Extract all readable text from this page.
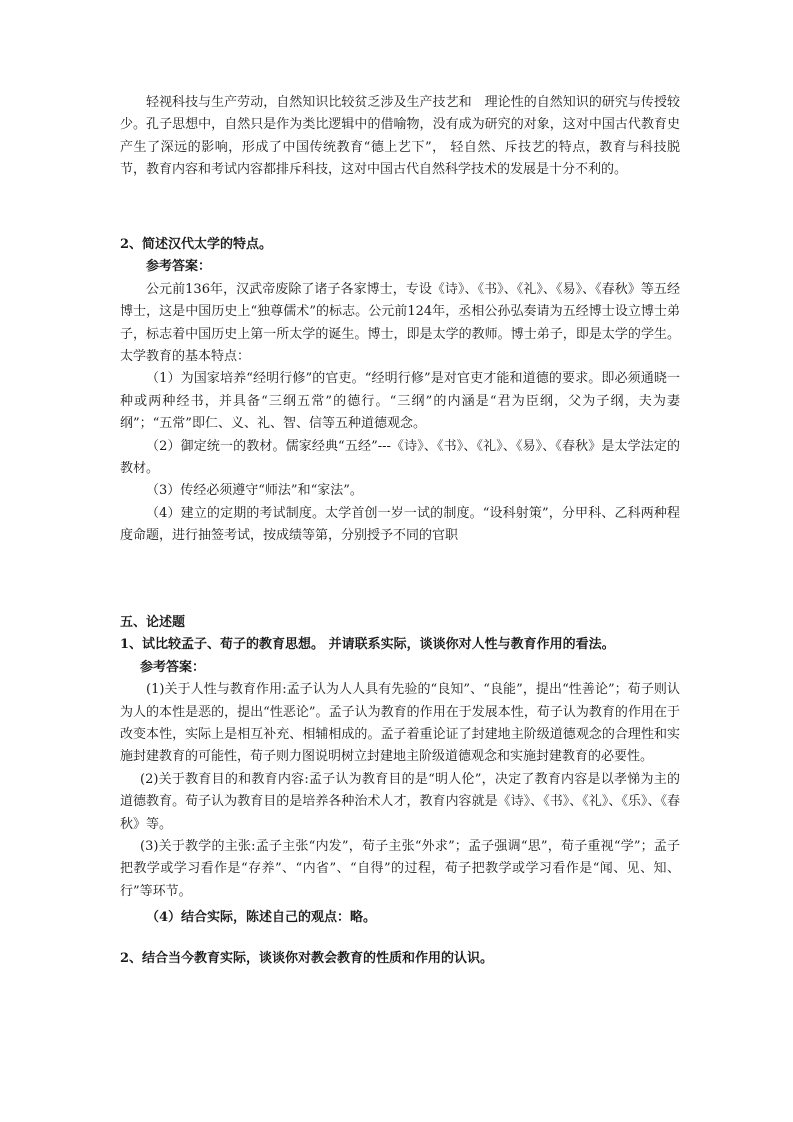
轻视科技与生产劳动，自然知识比较贫乏涉及生产技艺和　理论性的自然知识的研究与传授较少。孔子思想中，自然只是作为类比逻辑中的借喻物，没有成为研究的对象，这对中国古代教育史产生了深远的影响，形成了中国传统教育“德上艺下”， 轻自然、斥技艺的特点，教育与科技脱节，教育内容和考试内容都排斥科技，这对中国古代自然科学技术的发展是十分不利的。

2、简述汉代太学的特点。

参考答案：

公元前136年，汉武帝废除了诸子各家博士，专设《诗》、《书》、《礼》、《易》、《春秋》等五经博士，这是中国历史上“独尊儒术”的标志。公元前124年，丞相公孙弘奏请为五经博士设立博士弟子，标志着中国历史上第一所太学的诞生。博士，即是太学的教师。博士弟子，即是太学的学生。太学教育的基本特点：

（1）为国家培养“经明行修”的官吏。“经明行修”是对官吏才能和道德的要求。即必须通晓一种或两种经书，并具备“三纲五常”的德行。“三纲”的内涵是“君为臣纲，父为子纲，夫为妻纲”；“五常”即仁、义、礼、智、信等五种道德观念。

（2）御定统一的教材。儒家经典“五经”---《诗》、《书》、《礼》、《易》、《春秋》是太学法定的教材。

（3）传经必须遵守“师法”和“家法”。

（4）建立的定期的考试制度。太学首创一岁一试的制度。“设科射策”，分甲科、乙科两种程度命题，进行抽签考试，按成绩等第，分别授予不同的官职

五、论述题

1、试比较孟子、荀子的教育思想。 并请联系实际，谈谈你对人性与教育作用的看法。

参考答案：

(1)关于人性与教育作用:孟子认为人人具有先验的“良知”、“良能”，提出“性善论”；荀子则认为人的本性是恶的，提出“性恶论”。孟子认为教育的作用在于发展本性，荀子认为教育的作用在于改变本性，实际上是相互补充、相辅相成的。孟子着重论证了封建地主阶级道德观念的合理性和实施封建教育的可能性，荀子则力图说明树立封建地主阶级道德观念和实施封建教育的必要性。

(2)关于教育目的和教育内容:孟子认为教育目的是“明人伦”，决定了教育内容是以孝悌为主的道德教育。荀子认为教育目的是培养各种治术人才，教育内容就是《诗》、《书》、《礼》、《乐》、《春秋》等。

(3)关于教学的主张:孟子主张“内发”，荀子主张“外求”；孟子强调“思”，荀子重视“学”；孟子把教学或学习看作是“存养”、“内省”、“自得”的过程，荀子把教学或学习看作是“闻、见、知、行”等环节。

（4）结合实际，陈述自己的观点：略。

2、结合当今教育实际，谈谈你对教会教育的性质和作用的认识。
